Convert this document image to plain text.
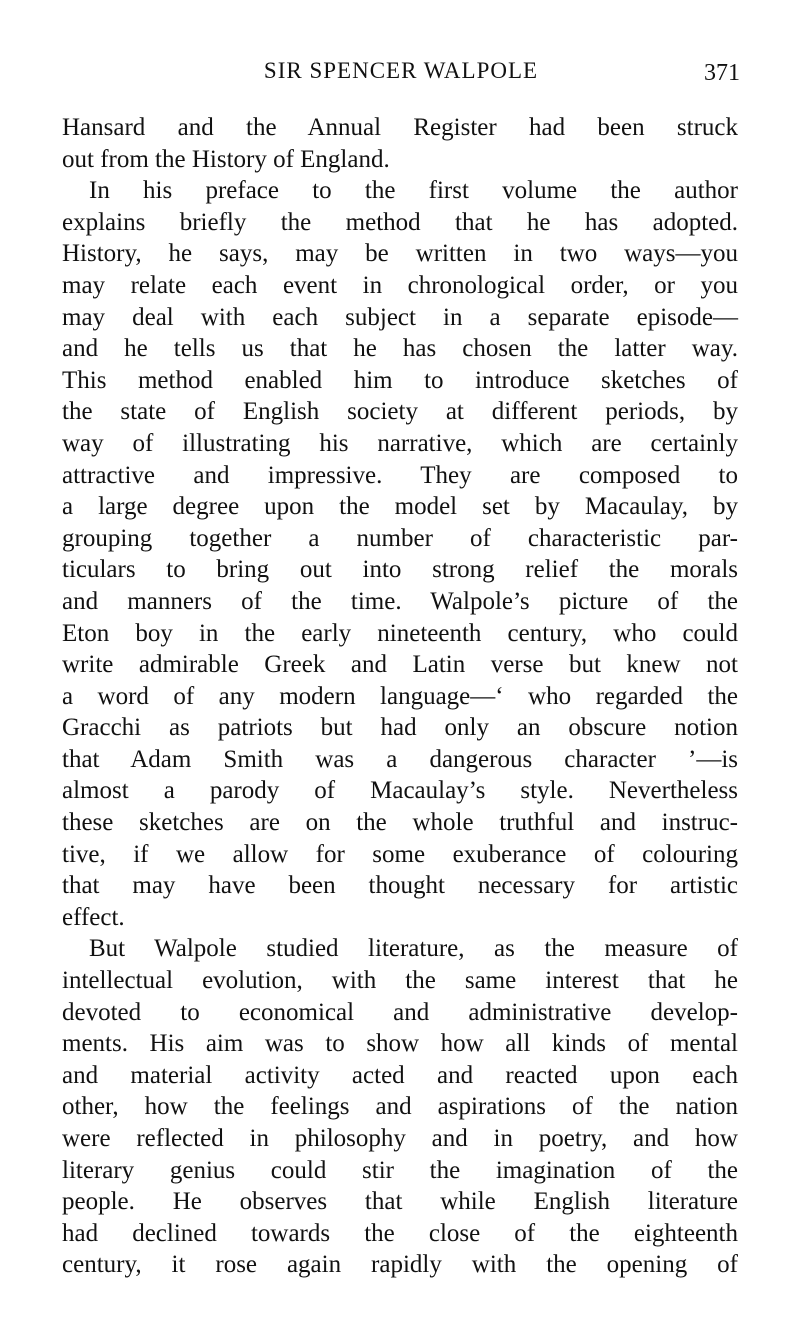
SIR SPENCER WALPOLE	371
Hansard and the Annual Register had been struck
out from the History of England.
In his preface to the first volume the author
explains briefly the method that he has adopted.
History, he says, may be written in two ways—you
may relate each event in chronological order, or you
may deal with each subject in a separate episode—
and he tells us that he has chosen the latter way.
This method enabled him to introduce sketches of
the state of English society at different periods, by
way of illustrating his narrative, which are certainly
attractive and impressive. They are composed to
a large degree upon the model set by Macaulay, by
grouping together a number of characteristic par-
ticulars to bring out into strong relief the morals
and manners of the time. Walpole’s picture of the
Eton boy in the early nineteenth century, who could
write admirable Greek and Latin verse but knew not
a word of any modern language—‘ who regarded the
Gracchi as patriots but had only an obscure notion
that Adam Smith was a dangerous character ’—is
almost a parody of Macaulay’s style. Nevertheless
these sketches are on the whole truthful and instruc-
tive, if we allow for some exuberance of colouring
that may have been thought necessary for artistic
effect.
But Walpole studied literature, as the measure of
intellectual evolution, with the same interest that he
devoted to economical and administrative develop-
ments. His aim was to show how all kinds of mental
and material activity acted and reacted upon each
other, how the feelings and aspirations of the nation
were reflected in philosophy and in poetry, and how
literary genius could stir the imagination of the
people. He observes that while English literature
had declined towards the close of the eighteenth
century, it rose again rapidly with the opening of
